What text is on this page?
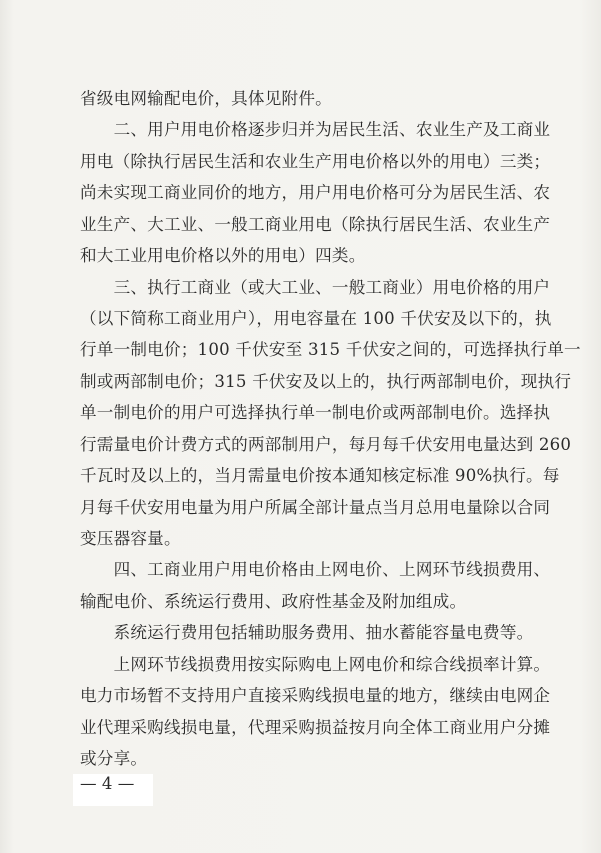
省级电网输配电价，具体见附件。
　　二、用户用电价格逐步归并为居民生活、农业生产及工商业
用电（除执行居民生活和农业生产用电价格以外的用电）三类；
尚未实现工商业同价的地方，用户用电价格可分为居民生活、农
业生产、大工业、一般工商业用电（除执行居民生活、农业生产
和大工业用电价格以外的用电）四类。
　　三、执行工商业（或大工业、一般工商业）用电价格的用户
（以下简称工商业用户），用电容量在 100 千伏安及以下的，执
行单一制电价；100 千伏安至 315 千伏安之间的，可选择执行单一
制或两部制电价；315 千伏安及以上的，执行两部制电价，现执行
单一制电价的用户可选择执行单一制电价或两部制电价。选择执
行需量电价计费方式的两部制用户，每月每千伏安用电量达到 260
千瓦时及以上的，当月需量电价按本通知核定标准 90%执行。每
月每千伏安用电量为用户所属全部计量点当月总用电量除以合同
变压器容量。
　　四、工商业用户用电价格由上网电价、上网环节线损费用、
输配电价、系统运行费用、政府性基金及附加组成。
　　系统运行费用包括辅助服务费用、抽水蓄能容量电费等。
　　上网环节线损费用按实际购电上网电价和综合线损率计算。
电力市场暂不支持用户直接采购线损电量的地方，继续由电网企
业代理采购线损电量，代理采购损益按月向全体工商业用户分摊
或分享。
— 4 —
